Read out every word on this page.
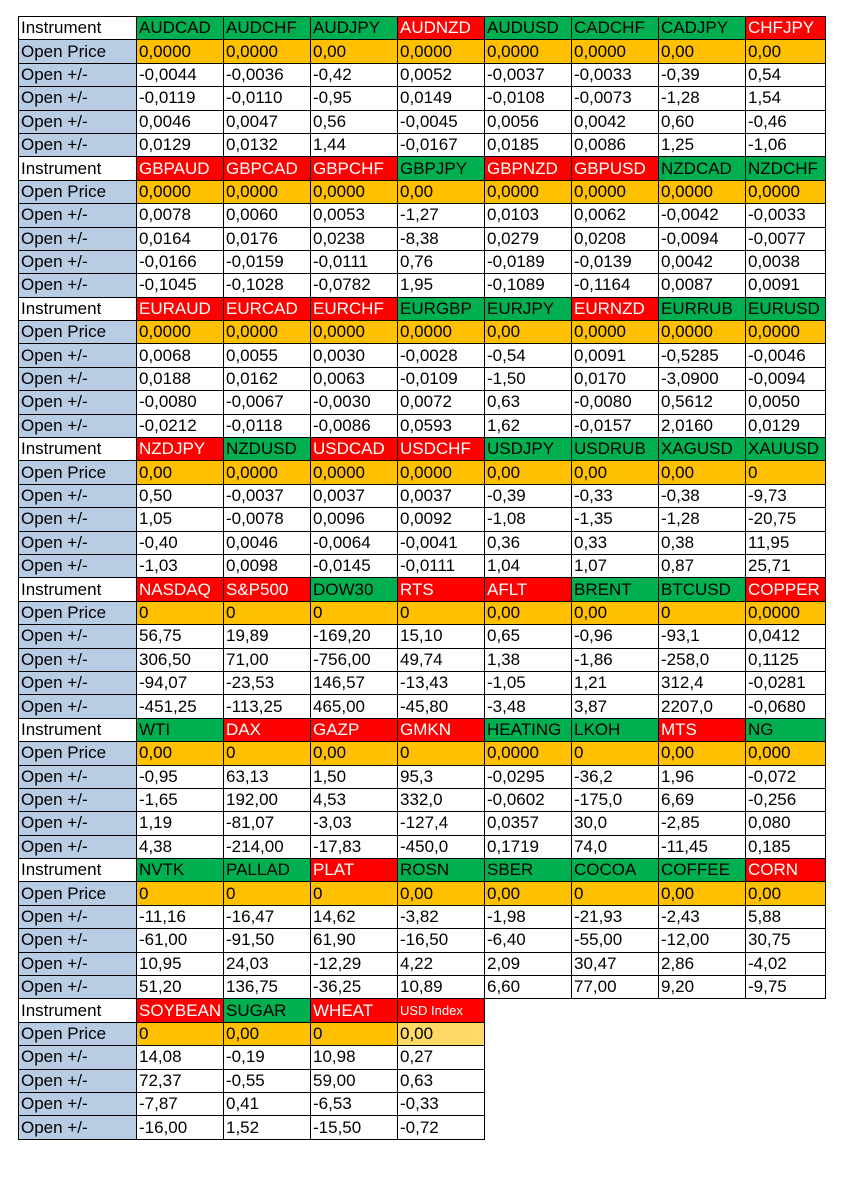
Instrument	AUDCAD	AUDCHF	AUDJPY	AUDNZD	AUDUSD	CADCHF	CADJPY	CHFJPY
Open Price	0,0000	0,0000	0,00	0,0000	0,0000	0,0000	0,00	0,00
Open +/-	-0,0044	-0,0036	-0,42	0,0052	-0,0037	-0,0033	-0,39	0,54
Open +/-	-0,0119	-0,0110	-0,95	0,0149	-0,0108	-0,0073	-1,28	1,54
Open +/-	0,0046	0,0047	0,56	-0,0045	0,0056	0,0042	0,60	-0,46
Open +/-	0,0129	0,0132	1,44	-0,0167	0,0185	0,0086	1,25	-1,06
Instrument	GBPAUD	GBPCAD	GBPCHF	GBPJPY	GBPNZD	GBPUSD	NZDCAD	NZDCHF
Open Price	0,0000	0,0000	0,0000	0,00	0,0000	0,0000	0,0000	0,0000
Open +/-	0,0078	0,0060	0,0053	-1,27	0,0103	0,0062	-0,0042	-0,0033
Open +/-	0,0164	0,0176	0,0238	-8,38	0,0279	0,0208	-0,0094	-0,0077
Open +/-	-0,0166	-0,0159	-0,0111	0,76	-0,0189	-0,0139	0,0042	0,0038
Open +/-	-0,1045	-0,1028	-0,0782	1,95	-0,1089	-0,1164	0,0087	0,0091
Instrument	EURAUD	EURCAD	EURCHF	EURGBP	EURJPY	EURNZD	EURRUB	EURUSD
Open Price	0,0000	0,0000	0,0000	0,0000	0,00	0,0000	0,0000	0,0000
Open +/-	0,0068	0,0055	0,0030	-0,0028	-0,54	0,0091	-0,5285	-0,0046
Open +/-	0,0188	0,0162	0,0063	-0,0109	-1,50	0,0170	-3,0900	-0,0094
Open +/-	-0,0080	-0,0067	-0,0030	0,0072	0,63	-0,0080	0,5612	0,0050
Open +/-	-0,0212	-0,0118	-0,0086	0,0593	1,62	-0,0157	2,0160	0,0129
Instrument	NZDJPY	NZDUSD	USDCAD	USDCHF	USDJPY	USDRUB	XAGUSD	XAUUSD
Open Price	0,00	0,0000	0,0000	0,0000	0,00	0,00	0,00	0
Open +/-	0,50	-0,0037	0,0037	0,0037	-0,39	-0,33	-0,38	-9,73
Open +/-	1,05	-0,0078	0,0096	0,0092	-1,08	-1,35	-1,28	-20,75
Open +/-	-0,40	0,0046	-0,0064	-0,0041	0,36	0,33	0,38	11,95
Open +/-	-1,03	0,0098	-0,0145	-0,0111	1,04	1,07	0,87	25,71
Instrument	NASDAQ	S&P500	DOW30	RTS	AFLT	BRENT	BTCUSD	COPPER
Open Price	0	0	0	0	0,00	0,00	0	0,0000
Open +/-	56,75	19,89	-169,20	15,10	0,65	-0,96	-93,1	0,0412
Open +/-	306,50	71,00	-756,00	49,74	1,38	-1,86	-258,0	0,1125
Open +/-	-94,07	-23,53	146,57	-13,43	-1,05	1,21	312,4	-0,0281
Open +/-	-451,25	-113,25	465,00	-45,80	-3,48	3,87	2207,0	-0,0680
Instrument	WTI	DAX	GAZP	GMKN	HEATING	LKOH	MTS	NG
Open Price	0,00	0	0,00	0	0,0000	0	0,00	0,000
Open +/-	-0,95	63,13	1,50	95,3	-0,0295	-36,2	1,96	-0,072
Open +/-	-1,65	192,00	4,53	332,0	-0,0602	-175,0	6,69	-0,256
Open +/-	1,19	-81,07	-3,03	-127,4	0,0357	30,0	-2,85	0,080
Open +/-	4,38	-214,00	-17,83	-450,0	0,1719	74,0	-11,45	0,185
Instrument	NVTK	PALLAD	PLAT	ROSN	SBER	COCOA	COFFEE	CORN
Open Price	0	0	0	0,00	0,00	0	0,00	0,00
Open +/-	-11,16	-16,47	14,62	-3,82	-1,98	-21,93	-2,43	5,88
Open +/-	-61,00	-91,50	61,90	-16,50	-6,40	-55,00	-12,00	30,75
Open +/-	10,95	24,03	-12,29	4,22	2,09	30,47	2,86	-4,02
Open +/-	51,20	136,75	-36,25	10,89	6,60	77,00	9,20	-9,75
Instrument	SOYBEAN	SUGAR	WHEAT	USD Index				
Open Price	0	0,00	0	0,00				
Open +/-	14,08	-0,19	10,98	0,27				
Open +/-	72,37	-0,55	59,00	0,63				
Open +/-	-7,87	0,41	-6,53	-0,33				
Open +/-	-16,00	1,52	-15,50	-0,72				
